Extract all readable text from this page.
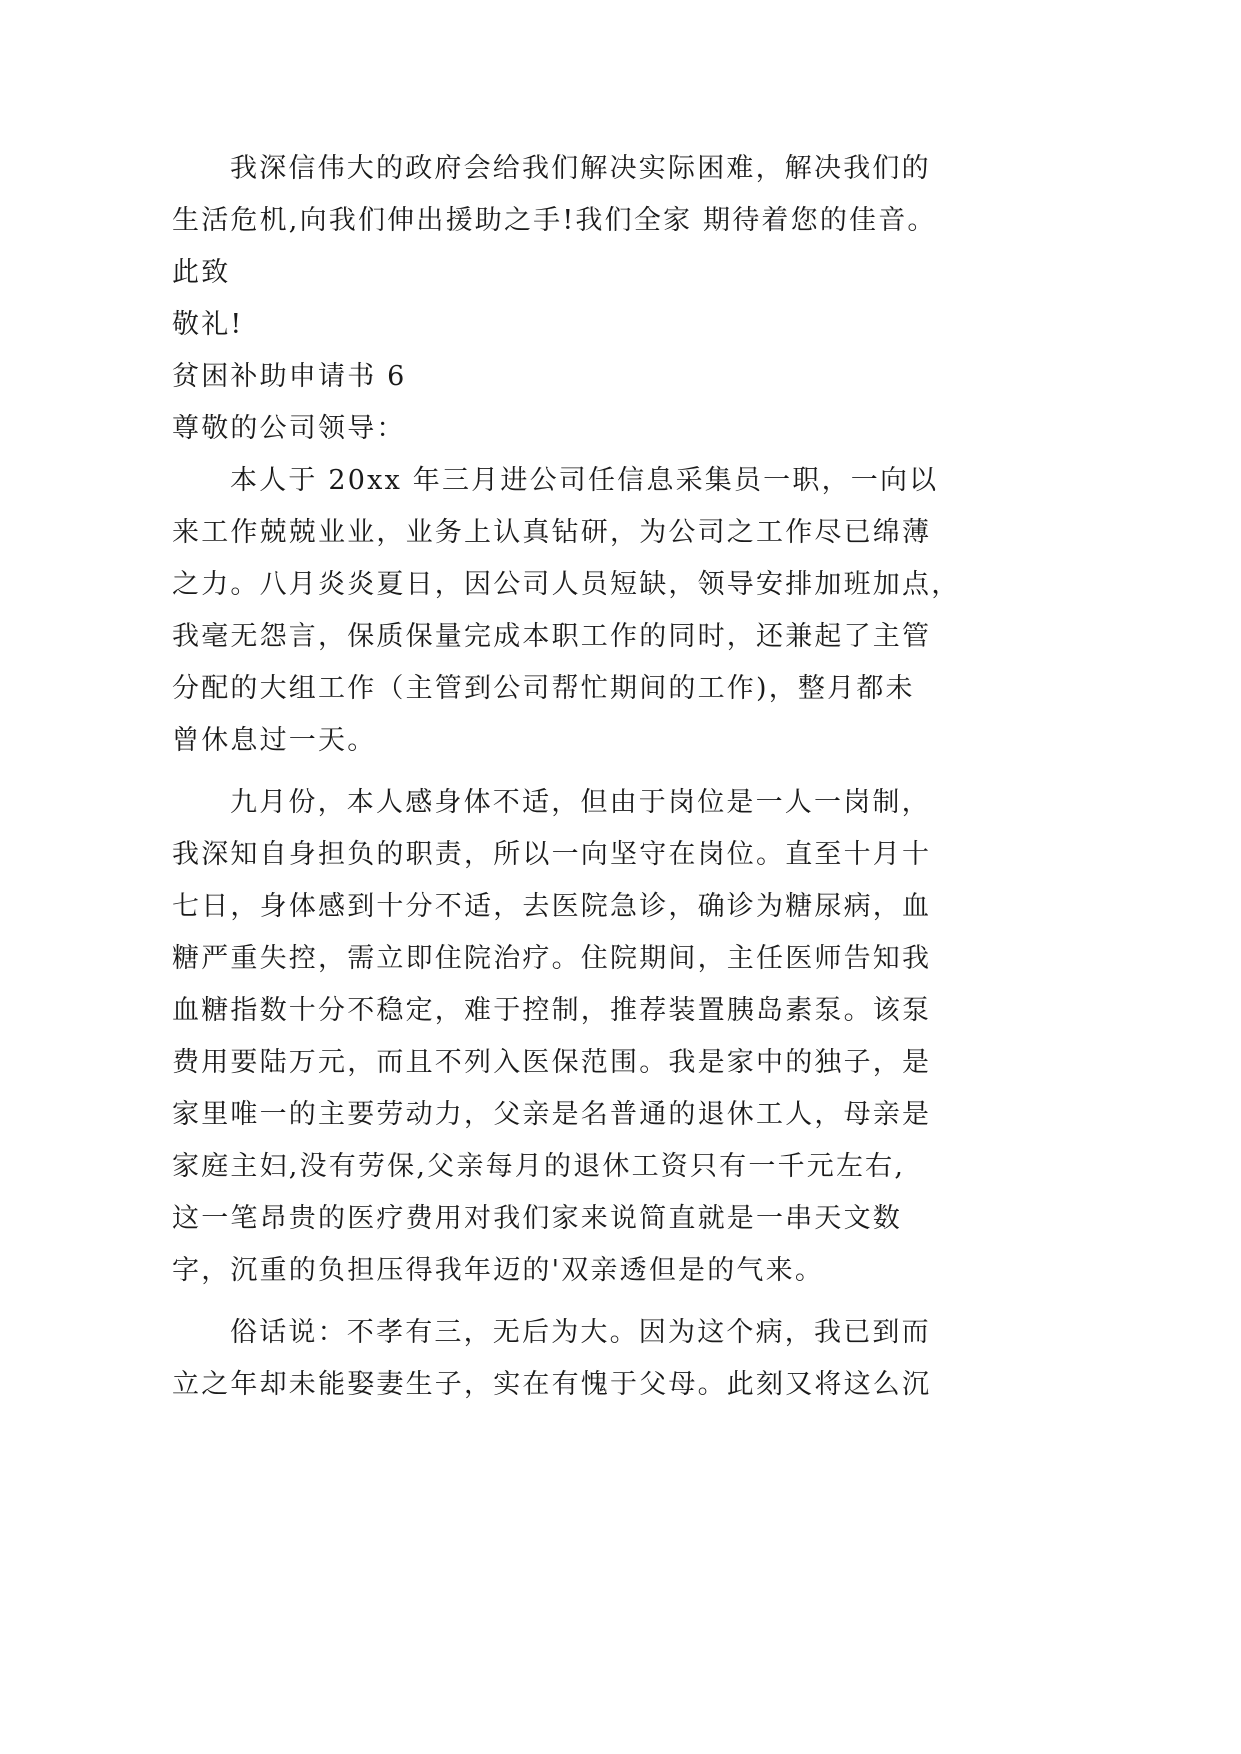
我深信伟大的政府会给我们解决实际困难，解决我们的
生活危机,向我们伸出援助之手!我们全家 期待着您的佳音。
此致
敬礼!
贫困补助申请书 6
尊敬的公司领导：
本人于 20xx 年三月进公司任信息采集员一职，一向以
来工作兢兢业业，业务上认真钻研，为公司之工作尽已绵薄
之力。八月炎炎夏日，因公司人员短缺，领导安排加班加点，
我毫无怨言，保质保量完成本职工作的同时，还兼起了主管
分配的大组工作（主管到公司帮忙期间的工作)，整月都未
曾休息过一天。
九月份，本人感身体不适，但由于岗位是一人一岗制，
我深知自身担负的职责，所以一向坚守在岗位。直至十月十
七日，身体感到十分不适，去医院急诊，确诊为糖尿病，血
糖严重失控，需立即住院治疗。住院期间，主任医师告知我
血糖指数十分不稳定，难于控制，推荐装置胰岛素泵。该泵
费用要陆万元，而且不列入医保范围。我是家中的独子，是
家里唯一的主要劳动力，父亲是名普通的退休工人，母亲是
家庭主妇,没有劳保,父亲每月的退休工资只有一千元左右,
这一笔昂贵的医疗费用对我们家来说简直就是一串天文数
字，沉重的负担压得我年迈的'双亲透但是的气来。
俗话说：不孝有三，无后为大。因为这个病，我已到而
立之年却未能娶妻生子，实在有愧于父母。此刻又将这么沉
